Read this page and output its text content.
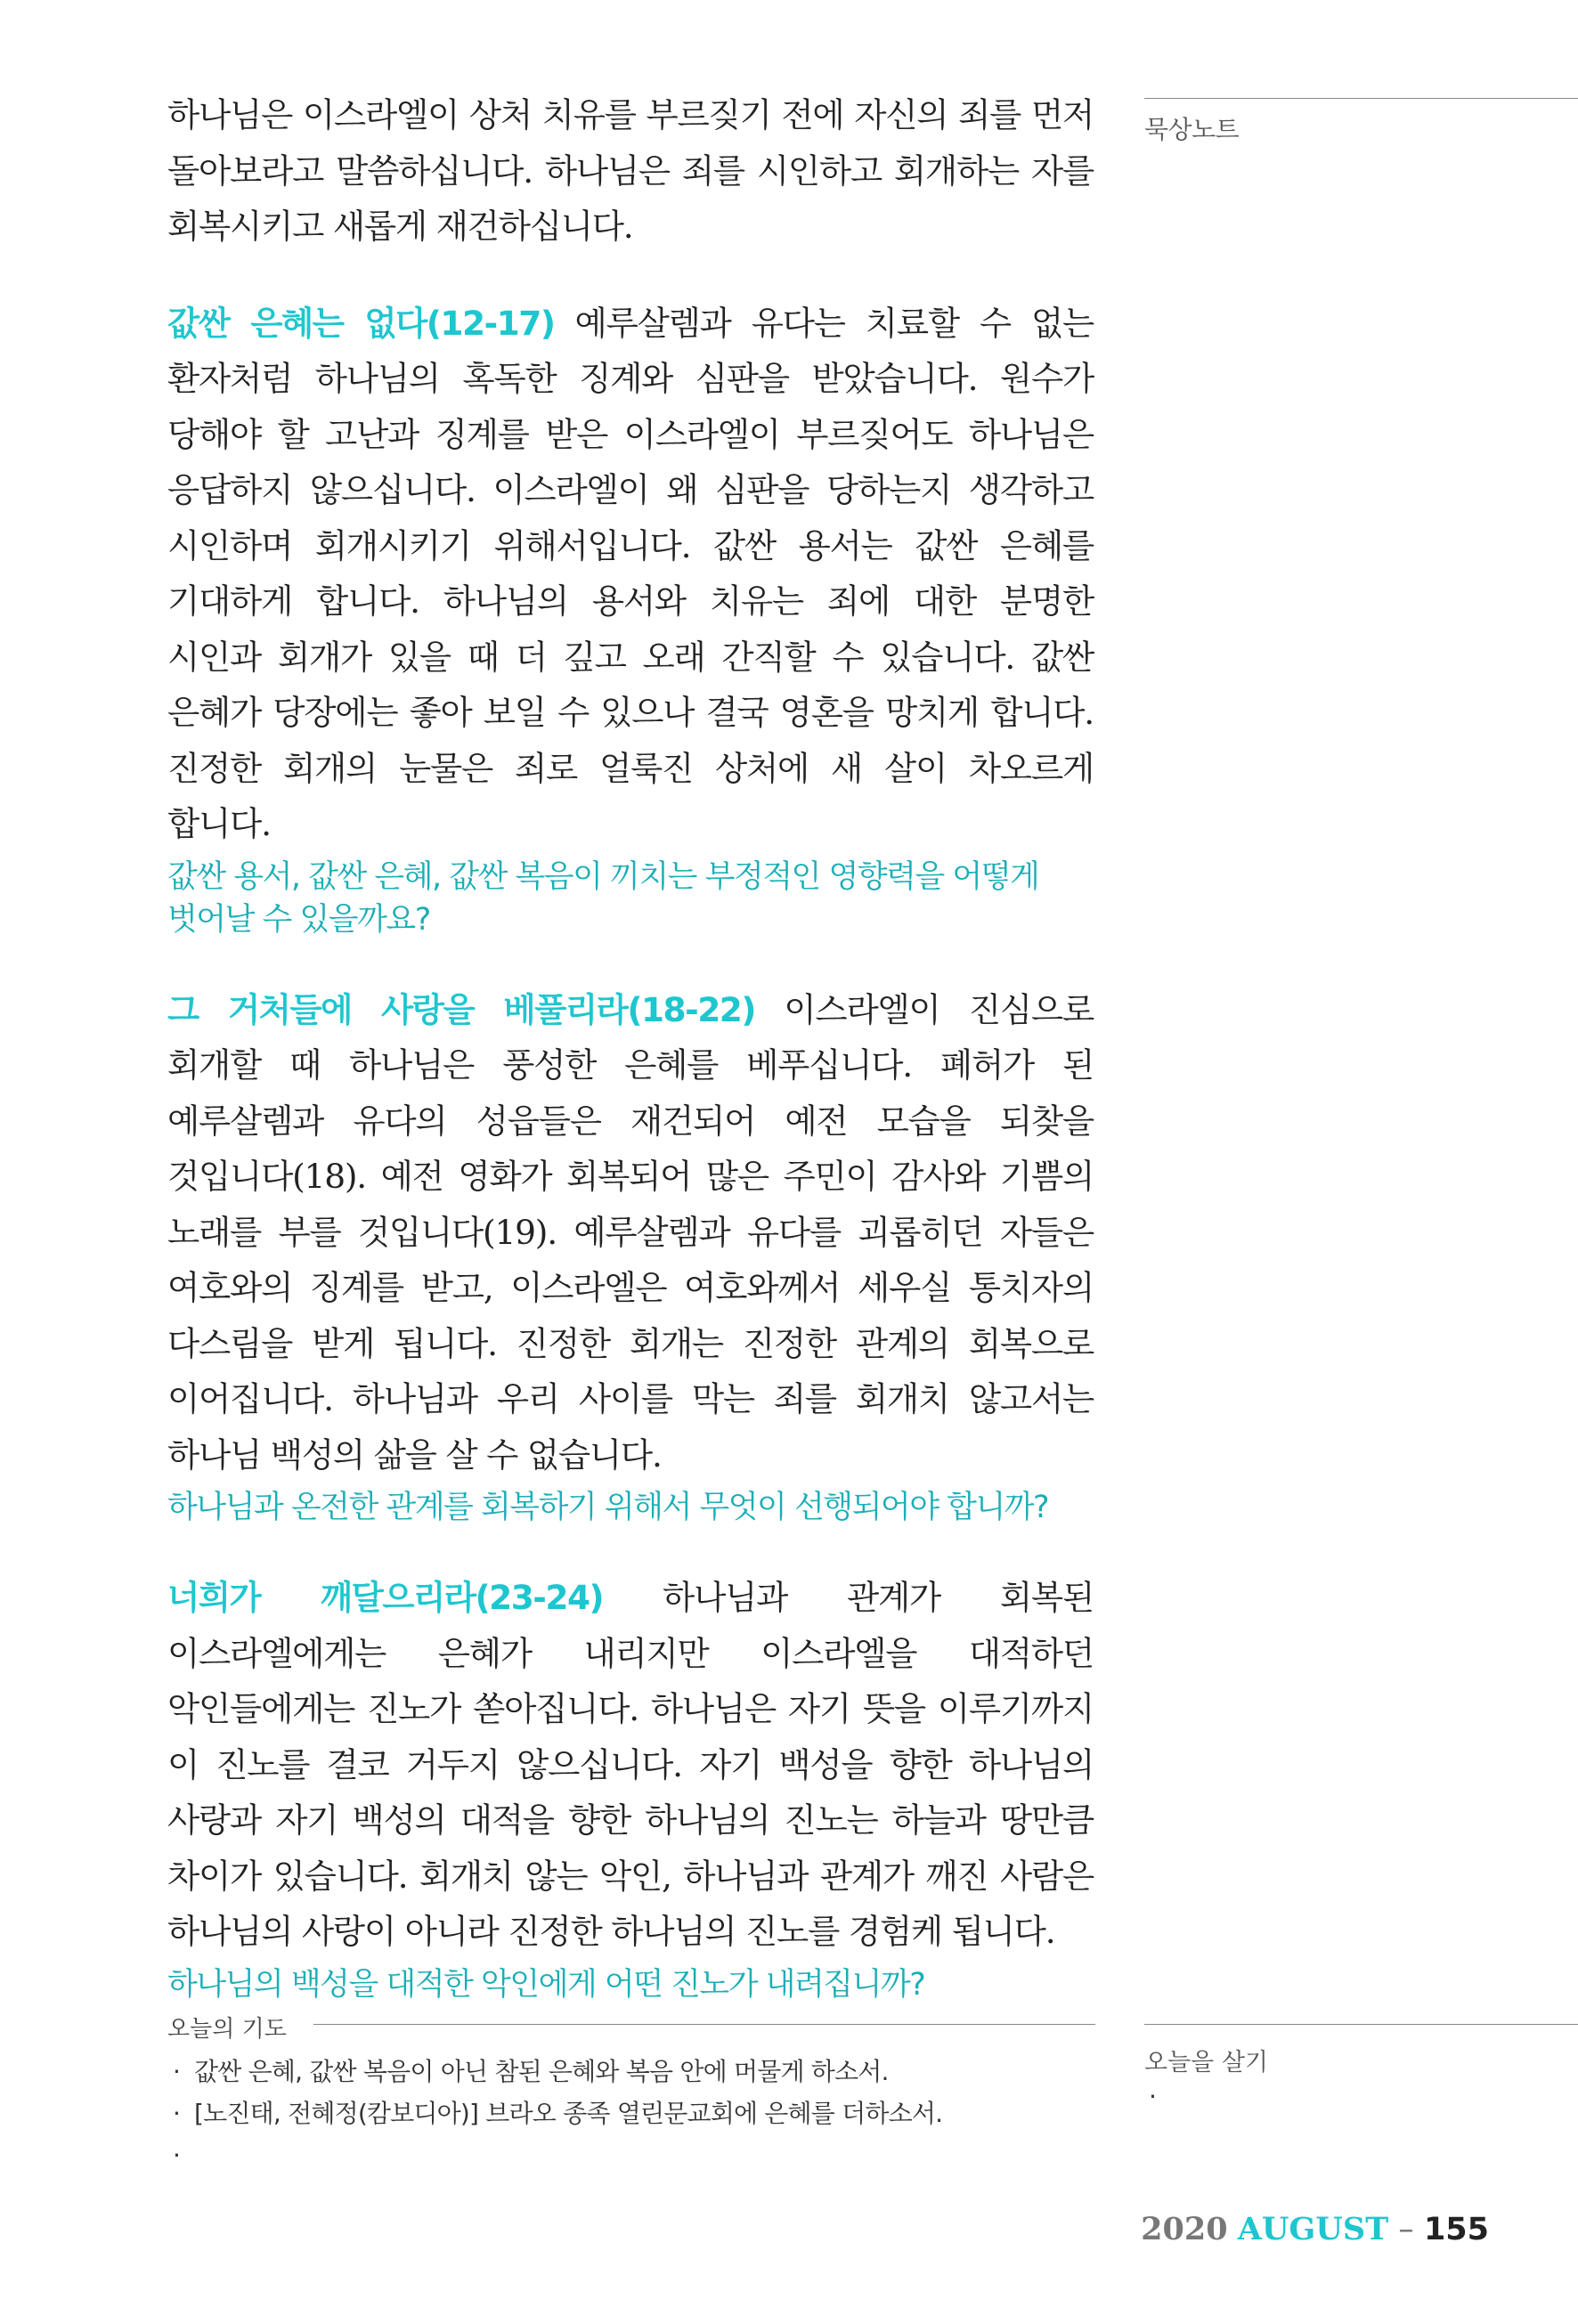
묵상노트

하나님은 이스라엘이 상처 치유를 부르짖기 전에 자신의 죄를 먼저 돌아보라고 말씀하십니다. 하나님은 죄를 시인하고 회개하는 자를 회복시키고 새롭게 재건하십니다.

값싼 은혜는 없다(12-17) 예루살렘과 유다는 치료할 수 없는 환자처럼 하나님의 혹독한 징계와 심판을 받았습니다. 원수가 당해야 할 고난과 징계를 받은 이스라엘이 부르짖어도 하나님은 응답하지 않으십니다. 이스라엘이 왜 심판을 당하는지 생각하고 시인하며 회개시키기 위해서입니다. 값싼 용서는 값싼 은혜를 기대하게 합니다. 하나님의 용서와 치유는 죄에 대한 분명한 시인과 회개가 있을 때 더 깊고 오래 간직할 수 있습니다. 값싼 은혜가 당장에는 좋아 보일 수 있으나 결국 영혼을 망치게 합니다. 진정한 회개의 눈물은 죄로 얼룩진 상처에 새 살이 차오르게 합니다.

값싼 용서, 값싼 은혜, 값싼 복음이 끼치는 부정적인 영향력을 어떻게 벗어날 수 있을까요?

그 거처들에 사랑을 베풀리라(18-22) 이스라엘이 진심으로 회개할 때 하나님은 풍성한 은혜를 베푸십니다. 폐허가 된 예루살렘과 유다의 성읍들은 재건되어 예전 모습을 되찾을 것입니다(18). 예전 영화가 회복되어 많은 주민이 감사와 기쁨의 노래를 부를 것입니다(19). 예루살렘과 유다를 괴롭히던 자들은 여호와의 징계를 받고, 이스라엘은 여호와께서 세우실 통치자의 다스림을 받게 됩니다. 진정한 회개는 진정한 관계의 회복으로 이어집니다. 하나님과 우리 사이를 막는 죄를 회개치 않고서는 하나님 백성의 삶을 살 수 없습니다.

하나님과 온전한 관계를 회복하기 위해서 무엇이 선행되어야 합니까?

너희가 깨달으리라(23-24) 하나님과 관계가 회복된 이스라엘에게는 은혜가 내리지만 이스라엘을 대적하던 악인들에게는 진노가 쏟아집니다. 하나님은 자기 뜻을 이루기까지 이 진노를 결코 거두지 않으십니다. 자기 백성을 향한 하나님의 사랑과 자기 백성의 대적을 향한 하나님의 진노는 하늘과 땅만큼 차이가 있습니다. 회개치 않는 악인, 하나님과 관계가 깨진 사람은 하나님의 사랑이 아니라 진정한 하나님의 진노를 경험케 됩니다.

하나님의 백성을 대적한 악인에게 어떤 진노가 내려집니까?

오늘의 기도
· 값싼 은혜, 값싼 복음이 아닌 참된 은혜와 복음 안에 머물게 하소서.
· [노진태, 전혜정(캄보디아)] 브라오 종족 열린문교회에 은혜를 더하소서.
·
오늘을 살기
·
2020 AUGUST – 155
